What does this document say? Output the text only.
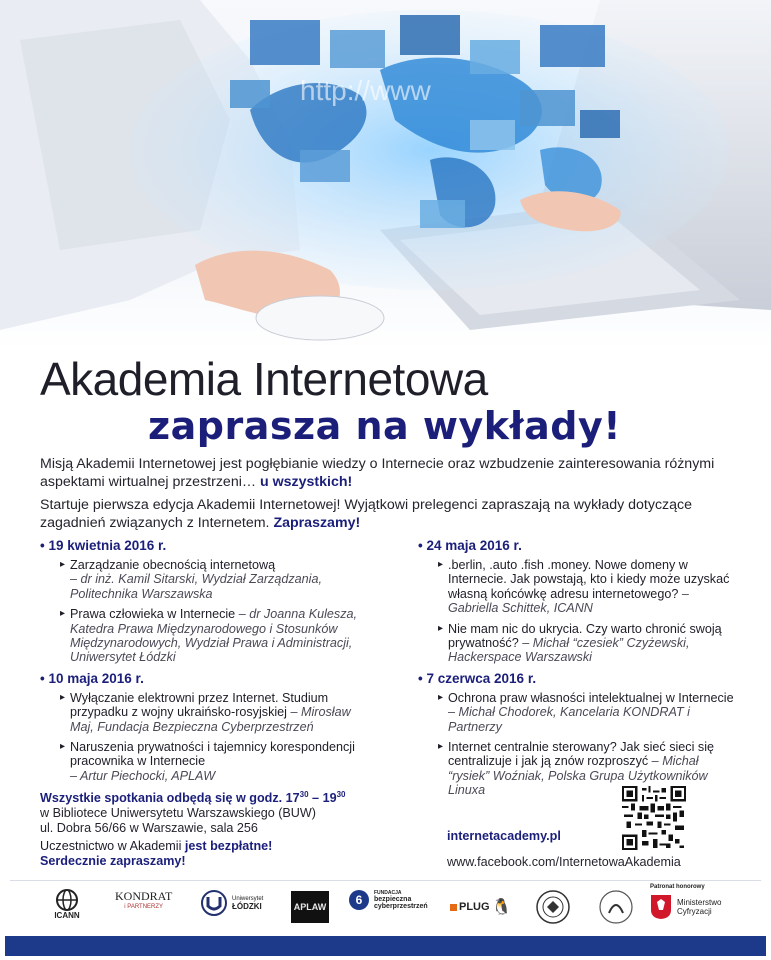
http://www
Akademia Internetowa
zaprasza na wykłady!

Misją Akademii Internetowej jest pogłębianie wiedzy o Internecie oraz wzbudzenie zainteresowania różnymi aspektami wirtualnej przestrzeni… u wszystkich!

Startuje pierwsza edycja Akademii Internetowej! Wyjątkowi prelegenci zapraszają na wykłady dotyczące zagadnień związanych z Internetem. Zapraszamy!

• 19 kwietnia 2016 r.
▸ Zarządzanie obecnością internetową
– dr inż. Kamil Sitarski, Wydział Zarządzania, Politechnika Warszawska
▸ Prawa człowieka w Internecie – dr Joanna Kulesza, Katedra Prawa Międzynarodowego i Stosunków Międzynarodowych, Wydział Prawa i Administracji, Uniwersytet Łódzki
• 10 maja 2016 r.
▸ Wyłączanie elektrowni przez Internet. Studium przypadku z wojny ukraińsko-rosyjskiej – Mirosław Maj, Fundacja Bezpieczna Cyberprzestrzeń
▸ Naruszenia prywatności i tajemnicy korespondencji pracownika w Internecie
– Artur Piechocki, APLAW
• 24 maja 2016 r.
▸ .berlin, .auto .fish .money. Nowe domeny w Internecie. Jak powstają, kto i kiedy może uzyskać własną końcówkę adresu internetowego? – Gabriella Schittek, ICANN
▸ Nie mam nic do ukrycia. Czy warto chronić swoją prywatność? – Michał “czesiek” Czyżewski, Hackerspace Warszawski
• 7 czerwca 2016 r.
▸ Ochrona praw własności intelektualnej w Internecie – Michał Chodorek, Kancelaria KONDRAT i Partnerzy
▸ Internet centralnie sterowany? Jak sieć sieci się centralizuje i jak ją znów rozproszyć – Michał “rysiek” Woźniak, Polska Grupa Użytkowników Linuxa
Wszystkie spotkania odbędą się w godz. $17^{30} - 19^{30}$
w Bibliotece Uniwersytetu Warszawskiego (BUW)
ul. Dobra 56/66 w Warszawie, sala 256
Uczestnictwo w Akademii jest bezpłatne!
Serdecznie zapraszamy!
internetacademy.pl
www.facebook.com/InternetowaAkademia
ICANN
KONDRAT
i PARTNERZY
Uniwersytet
ŁÓDZKI	APLAW 6 FUNDACJA
bezpieczna
cyberprzestrzeń	PLUG 🐧
Patronat honorowy
Ministerstwo
Cyfryzacji
